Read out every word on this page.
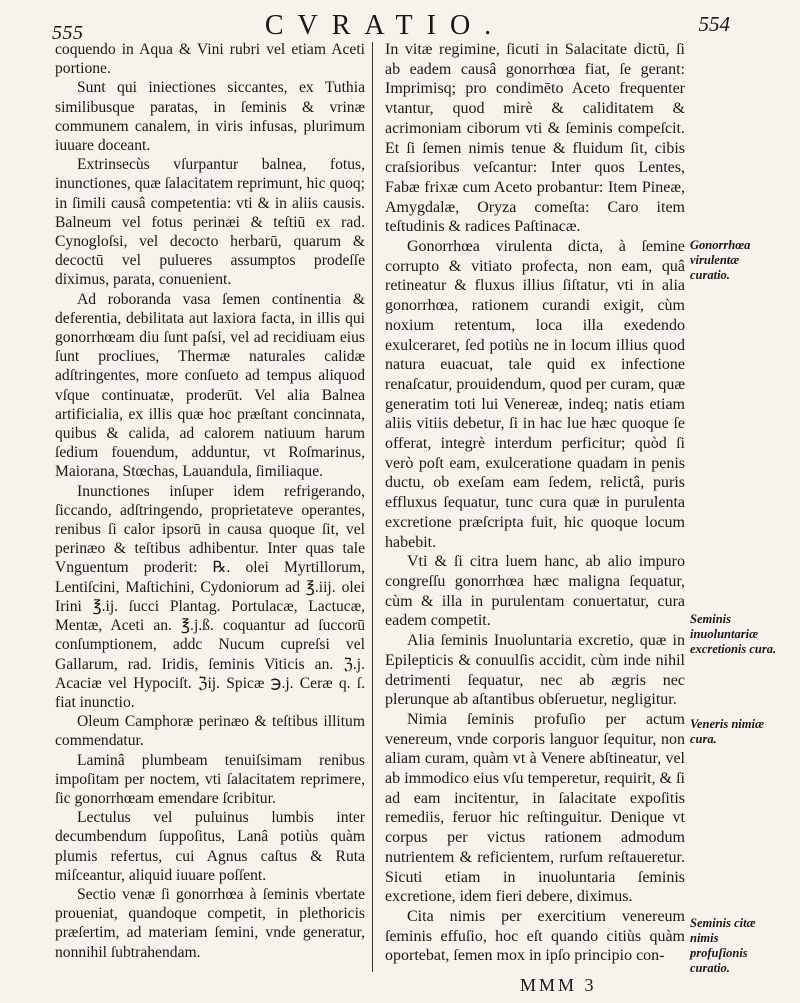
555	CVRATIO.	554

coquendo in Aqua & Vini rubri vel etiam Aceti portione.

Sunt qui iniectiones siccantes, ex Tuthia similibusque paratas, in ſeminis & vrinæ communem canalem, in viris infusas, plurimum iuuare doceant.

Extrinsecùs vſurpantur balnea, fotus, inunctiones, quæ ſalacitatem reprimunt, hic quoq; in ſimili causâ competentia: vti & in aliis causis. Balneum vel fotus perinæi & teſtiū ex rad. Cynogloſsi, vel decocto herbarū, quarum & decoctū vel pulueres assumptos prodeſſe diximus, parata, conuenient.

Ad roboranda vasa ſemen continentia & deferentia, debilitata aut laxiora facta, in illis qui gonorrhœam diu ſunt paſsi, vel ad recidiuam eius ſunt procliues, Thermæ naturales calidæ adſtringentes, more conſueto ad tempus aliquod vſque continuatæ, proderūt. Vel alia Balnea artificialia, ex illis quæ hoc præſtant concinnata, quibus & calida, ad calorem natiuum harum ſedium fouendum, adduntur, vt Roſmarinus, Maiorana, Stœchas, Lauandula, ſimiliaque.

Inunctiones inſuper idem refrigerando, ſiccando, adſtringendo, proprietateve operantes, renibus ſi calor ipsorū in causa quoque ſit, vel perinæo & teſtibus adhibentur. Inter quas tale Vnguentum proderit: ℞. olei Myrtillorum, Lentiſcini, Maſtichini, Cydoniorum ad ℥.iij. olei Irini ℥.ij. ſucci Plantag. Portulacæ, Lactucæ, Mentæ, Aceti an. ℥.j.ß. coquantur ad ſuccorū conſumptionem, addc Nucum cupreſsi vel Gallarum, rad. Iridis, ſeminis Viticis an. ℨ.j. Acaciæ vel Hypociſt. ℨij. Spicæ ℈.j. Ceræ q. ſ. fiat inunctio.

Oleum Camphoræ perinæo & teſtibus illitum commendatur.

Laminâ plumbeam tenuiſsimam renibus impoſitam per noctem, vti ſalacitatem reprimere, ſic gonorrhœam emendare ſcribitur.

Lectulus vel puluinus lumbis inter decumbendum ſuppoſitus, Lanâ potiùs quàm plumis refertus, cui Agnus caſtus & Ruta miſceantur, aliquid iuuare poſſent.

Sectio venæ ſi gonorrhœa à ſeminis vbertate proueniat, quandoque competit, in plethoricis præſertim, ad materiam ſemini, vnde generatur, nonnihil ſubtrahendam.

In vitæ regimine, ſicuti in Salacitate dictū, ſi ab eadem causâ gonorrhœa fiat, ſe gerant: Imprimisq; pro condimēto Aceto frequenter vtantur, quod mirè & caliditatem & acrimoniam ciborum vti & ſeminis compeſcit. Et ſi ſemen nimis tenue & fluidum ſit, cibis craſsioribus veſcantur: Inter quos Lentes, Fabæ frixæ cum Aceto probantur: Item Pineæ, Amygdalæ, Oryza comeſta: Caro item teſtudinis & radices Paſtinacæ.

Gonorrhœa virulenta dicta, à ſemine corrupto & vitiato profecta, non eam, quâ retineatur & fluxus illius ſiſtatur, vti in alia gonorrhœa, rationem curandi exigit, cùm noxium retentum, loca illa exedendo exulceraret, ſed potiùs ne in locum illius quod natura euacuat, tale quid ex infectione renaſcatur, prouidendum, quod per curam, quæ generatim toti lui Venereæ, indeq; natis etiam aliis vitiis debetur, ſi in hac lue hæc quoque ſe offerat, integrè interdum perficitur; quòd ſi verò poſt eam, exulceratione quadam in penis ductu, ob exeſam eam ſedem, relictâ, puris effluxus ſequatur, tunc cura quæ in purulenta excretione præſcripta fuit, hic quoque locum habebit.

Vti & ſi citra luem hanc, ab alio impuro congreſſu gonorrhœa hæc maligna ſequatur, cùm & illa in purulentam conuertatur, cura eadem competit.

Alia ſeminis Inuoluntaria excretio, quæ in Epilepticis & conuulſis accidit, cùm inde nihil detrimenti ſequatur, nec ab ægris nec plerunque ab aſtantibus obſeruetur, negligitur.

Nimia ſeminis profuſio per actum venereum, vnde corporis languor ſequitur, non aliam curam, quàm vt à Venere abſtineatur, vel ab immodico eius vſu temperetur, requirit, & ſi ad eam incitentur, in ſalacitate expoſitis remediis, feruor hic reſtinguitur. Denique vt corpus per victus rationem admodum nutrientem & reficientem, rurſum reſtaueretur. Sicuti etiam in inuoluntaria ſeminis excretione, idem fieri debere, diximus.

Cita nimis per exercitium venereum ſeminis effuſio, hoc eſt quando citiùs quàm oportebat, ſemen mox in ipſo principio con-

Gonorrhœa virulentæ curatio.
Seminis inuoluntariæ excretionis cura.
Veneris nimiæ cura.
Seminis citæ nimis profuſionis curatio.
MMM 3
